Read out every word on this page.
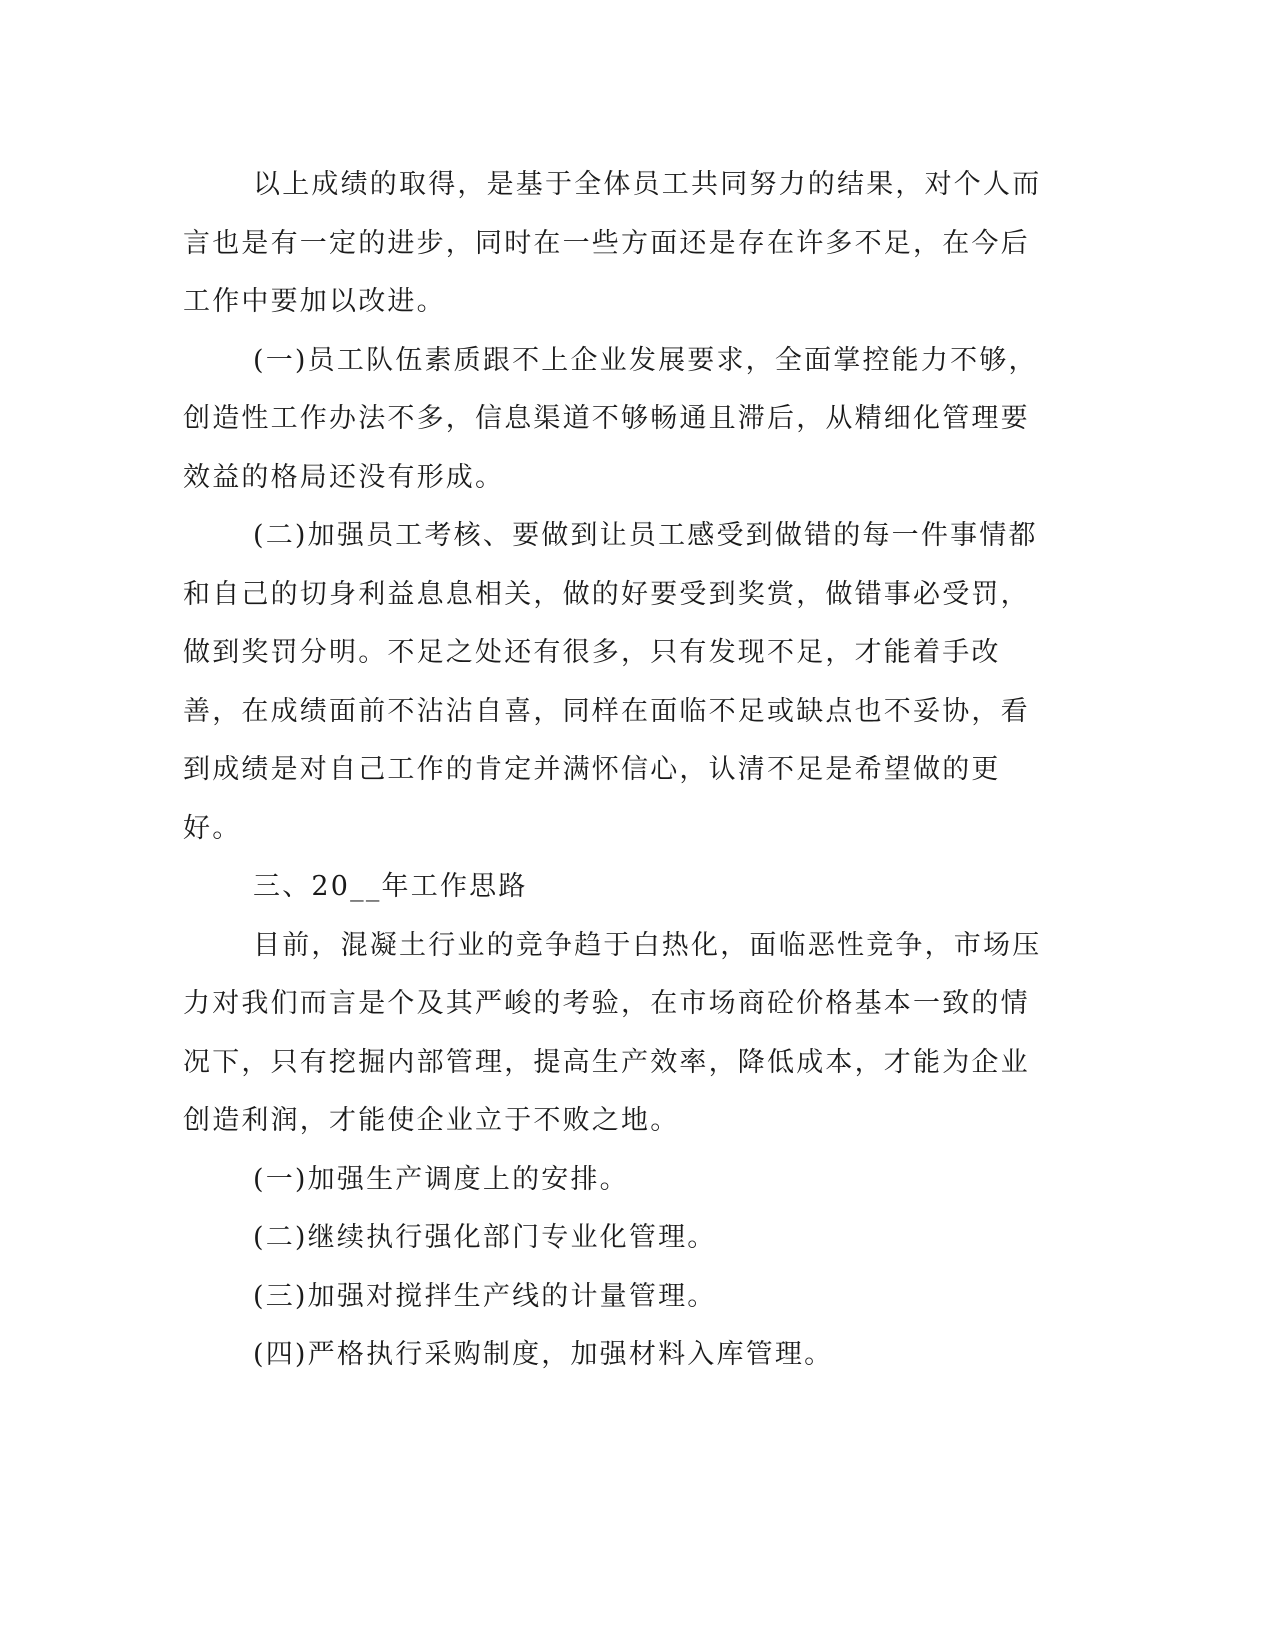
以上成绩的取得，是基于全体员工共同努力的结果，对个人而言也是有一定的进步，同时在一些方面还是存在许多不足，在今后工作中要加以改进。

(一)员工队伍素质跟不上企业发展要求，全面掌控能力不够，创造性工作办法不多，信息渠道不够畅通且滞后，从精细化管理要效益的格局还没有形成。

(二)加强员工考核、要做到让员工感受到做错的每一件事情都和自己的切身利益息息相关，做的好要受到奖赏，做错事必受罚，做到奖罚分明。不足之处还有很多，只有发现不足，才能着手改善，在成绩面前不沾沾自喜，同样在面临不足或缺点也不妥协，看到成绩是对自己工作的肯定并满怀信心，认清不足是希望做的更好。

三、20__年工作思路

目前，混凝土行业的竞争趋于白热化，面临恶性竞争，市场压力对我们而言是个及其严峻的考验，在市场商砼价格基本一致的情况下，只有挖掘内部管理，提高生产效率，降低成本，才能为企业创造利润，才能使企业立于不败之地。

(一)加强生产调度上的安排。

(二)继续执行强化部门专业化管理。

(三)加强对搅拌生产线的计量管理。

(四)严格执行采购制度，加强材料入库管理。
